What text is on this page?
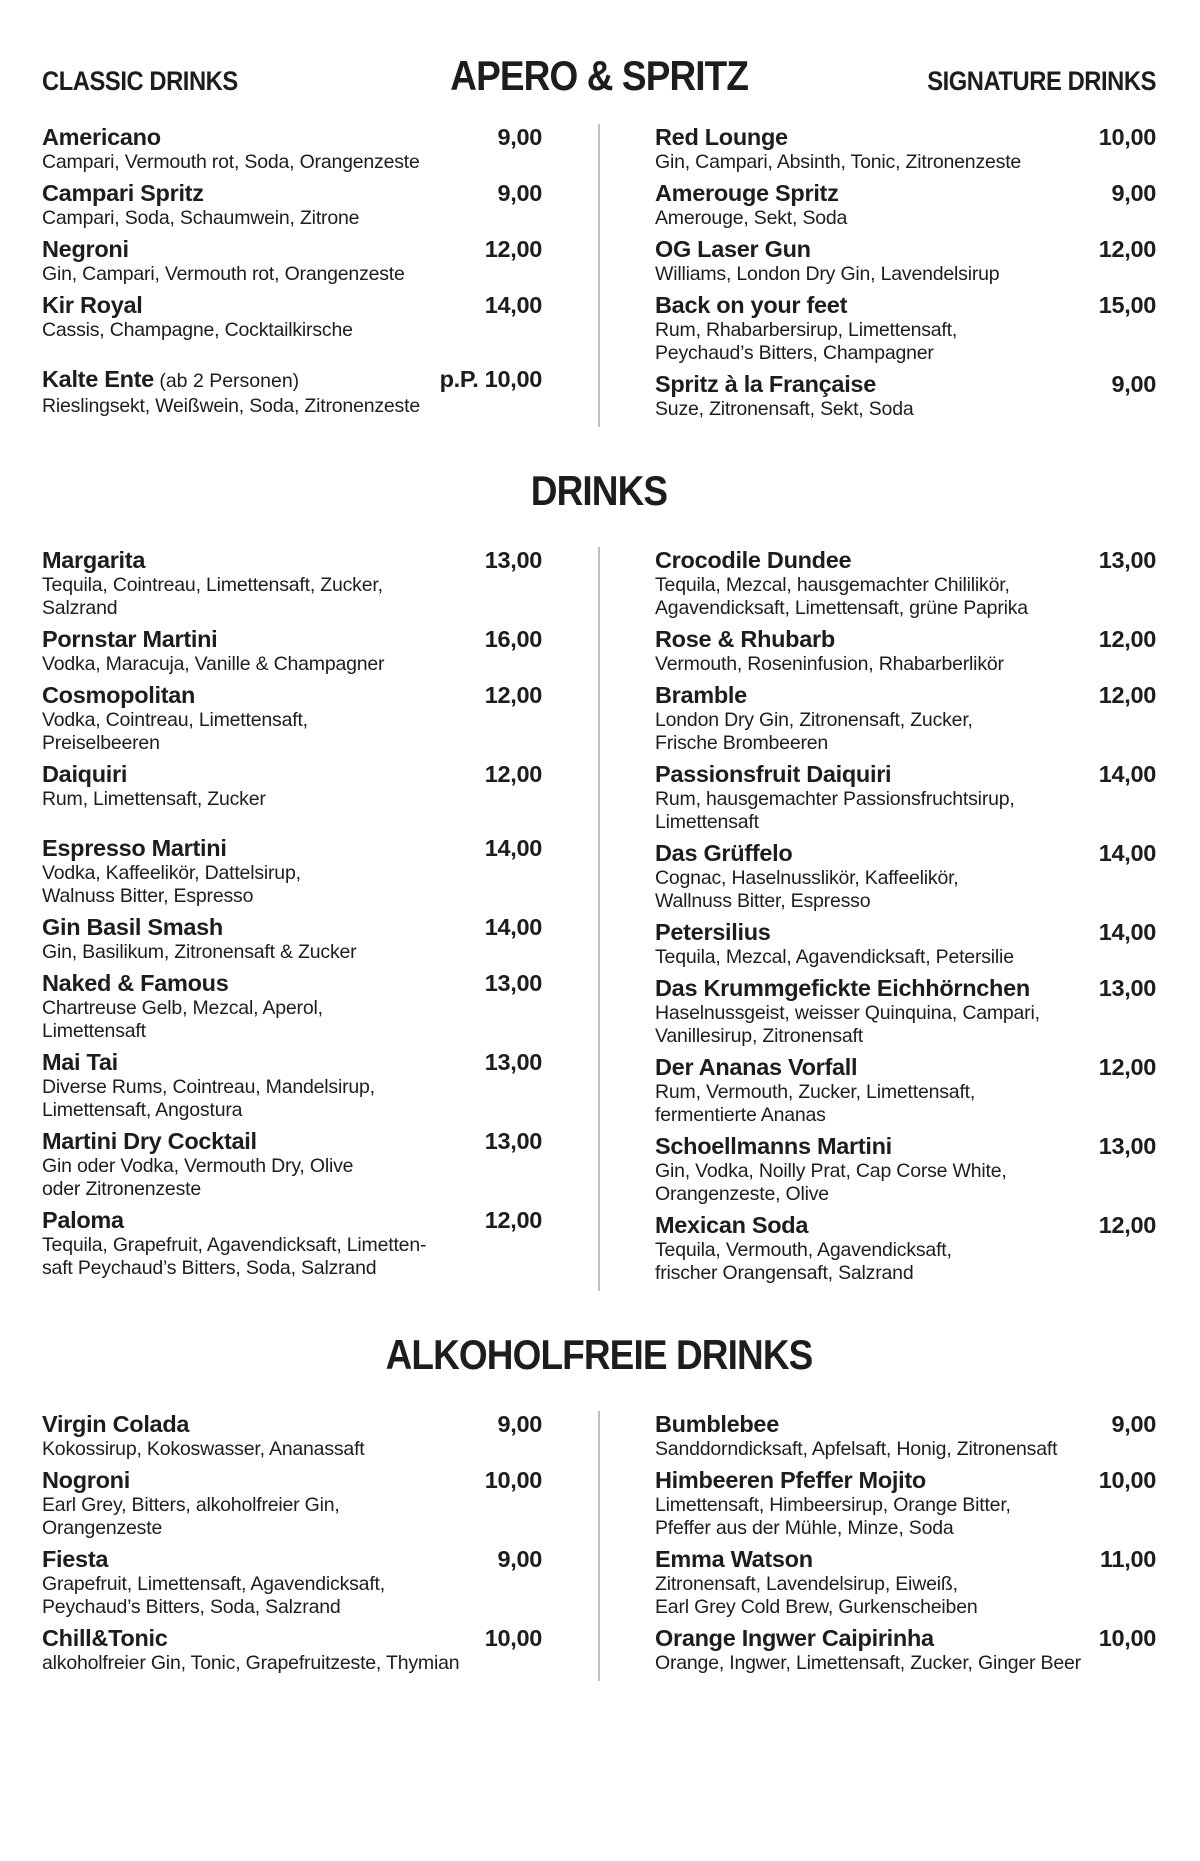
CLASSIC DRINKS	APERO & SPRITZ	SIGNATURE DRINKS
Americano	9,00
Campari, Vermouth rot, Soda, Orangenzeste
Campari Spritz	9,00
Campari, Soda, Schaumwein, Zitrone
Negroni	12,00
Gin, Campari, Vermouth rot, Orangenzeste
Kir Royal	14,00
Cassis, Champagne, Cocktailkirsche
Kalte Ente (ab 2 Personen)	p.P. 10,00
Rieslingsekt, Weißwein, Soda, Zitronenzeste
Red Lounge	10,00
Gin, Campari, Absinth, Tonic, Zitronenzeste
Amerouge Spritz	9,00
Amerouge, Sekt, Soda
OG Laser Gun	12,00
Williams, London Dry Gin, Lavendelsirup
Back on your feet	15,00
Rum, Rhabarbersirup, Limettensaft,
Peychaud’s Bitters, Champagner
Spritz à la Française	9,00
Suze, Zitronensaft, Sekt, Soda
DRINKS
Margarita	13,00
Tequila, Cointreau, Limettensaft, Zucker,
Salzrand
Pornstar Martini	16,00
Vodka, Maracuja, Vanille & Champagner
Cosmopolitan	12,00
Vodka, Cointreau, Limettensaft,
Preiselbeeren
Daiquiri	12,00
Rum, Limettensaft, Zucker
Espresso Martini	14,00
Vodka, Kaffeelikör, Dattelsirup,
Walnuss Bitter, Espresso
Gin Basil Smash	14,00
Gin, Basilikum, Zitronensaft & Zucker
Naked & Famous	13,00
Chartreuse Gelb, Mezcal, Aperol,
Limettensaft
Mai Tai	13,00
Diverse Rums, Cointreau, Mandelsirup,
Limettensaft, Angostura
Martini Dry Cocktail	13,00
Gin oder Vodka, Vermouth Dry, Olive
oder Zitronenzeste
Paloma	12,00
Tequila, Grapefruit, Agavendicksaft, Limetten-
saft Peychaud’s Bitters, Soda, Salzrand
Crocodile Dundee	13,00
Tequila, Mezcal, hausgemachter Chililikör,
Agavendicksaft, Limettensaft, grüne Paprika
Rose & Rhubarb	12,00
Vermouth, Roseninfusion, Rhabarberlikör
Bramble	12,00
London Dry Gin, Zitronensaft, Zucker,
Frische Brombeeren
Passionsfruit Daiquiri	14,00
Rum, hausgemachter Passionsfruchtsirup,
Limettensaft
Das Grüffelo	14,00
Cognac, Haselnusslikör, Kaffeelikör,
Wallnuss Bitter, Espresso
Petersilius	14,00
Tequila, Mezcal, Agavendicksaft, Petersilie
Das Krummgefickte Eichhörnchen	13,00
Haselnussgeist, weisser Quinquina, Campari,
Vanillesirup, Zitronensaft
Der Ananas Vorfall	12,00
Rum, Vermouth, Zucker, Limettensaft,
fermentierte Ananas
Schoellmanns Martini	13,00
Gin, Vodka, Noilly Prat, Cap Corse White,
Orangenzeste, Olive
Mexican Soda	12,00
Tequila, Vermouth, Agavendicksaft,
frischer Orangensaft, Salzrand
ALKOHOLFREIE DRINKS
Virgin Colada	9,00
Kokossirup, Kokoswasser, Ananassaft
Nogroni	10,00
Earl Grey, Bitters, alkoholfreier Gin,
Orangenzeste
Fiesta	9,00
Grapefruit, Limettensaft, Agavendicksaft,
Peychaud’s Bitters, Soda, Salzrand
Chill&Tonic	10,00
alkoholfreier Gin, Tonic, Grapefruitzeste, Thymian
Bumblebee	9,00
Sanddorndicksaft, Apfelsaft, Honig, Zitronensaft
Himbeeren Pfeffer Mojito	10,00
Limettensaft, Himbeersirup, Orange Bitter,
Pfeffer aus der Mühle, Minze, Soda
Emma Watson	11,00
Zitronensaft, Lavendelsirup, Eiweiß,
Earl Grey Cold Brew, Gurkenscheiben
Orange Ingwer Caipirinha	10,00
Orange, Ingwer, Limettensaft, Zucker, Ginger Beer
